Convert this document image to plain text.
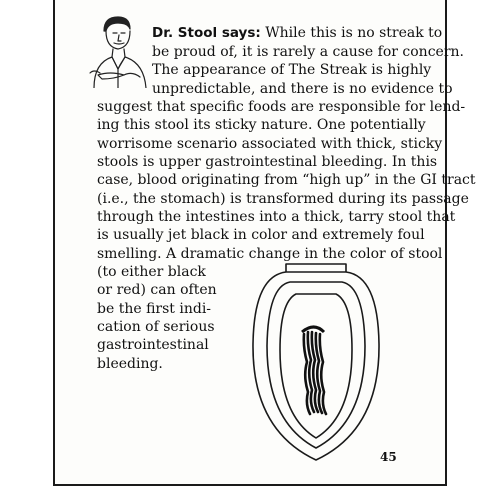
Dr. Stool says: While this is no streak to

be proud of, it is rarely a cause for concern.

The appearance of The Streak is highly

unpredictable, and there is no evidence to

suggest that specific foods are responsible for lend-

ing this stool its sticky nature. One potentially

worrisome scenario associated with thick, sticky

stools is upper gastrointestinal bleeding. In this

case, blood originating from “high up” in the GI tract

(i.e., the stomach) is transformed during its passage

through the intestines into a thick, tarry stool that

is usually jet black in color and extremely foul

smelling. A dramatic change in the color of stool

(to either black

or red) can often

be the first indi-

cation of serious

gastrointestinal

bleeding.

45
